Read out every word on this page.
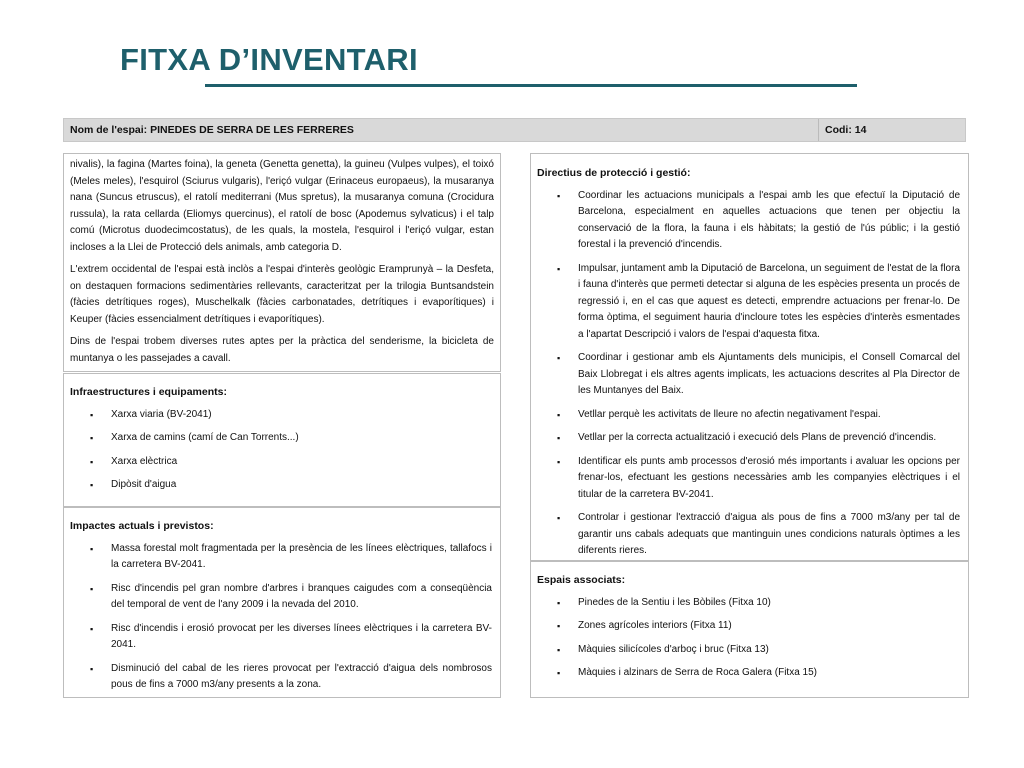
FITXA D’INVENTARI
Nom de l'espai: PINEDES DE SERRA DE LES FERRERES	Codi: 14

nivalis), la fagina (Martes foina), la geneta (Genetta genetta), la guineu (Vulpes vulpes), el toixó (Meles meles), l'esquirol (Sciurus vulgaris), l'eriçó vulgar (Erinaceus europaeus), la musaranya nana (Suncus etruscus), el ratolí mediterrani (Mus spretus), la musaranya comuna (Crocidura russula), la rata cellarda (Eliomys quercinus), el ratolí de bosc (Apodemus sylvaticus) i el talp comú (Microtus duodecimcostatus), de les quals, la mostela, l'esquirol i l'eriçó vulgar, estan incloses a la Llei de Protecció dels animals, amb categoria D.

L'extrem occidental de l'espai està inclòs a l'espai d'interès geològic Eramprunyà – la Desfeta, on destaquen formacions sedimentàries rellevants, caracteritzat per la trilogia Buntsandstein (fàcies detrítiques roges), Muschelkalk (fàcies carbonatades, detrítiques i evaporítiques) i Keuper (fàcies essencialment detrítiques i evaporítiques).

Dins de l'espai trobem diverses rutes aptes per la pràctica del senderisme, la bicicleta de muntanya o les passejades a cavall.

Infraestructures i equipaments:
▪ Xarxa viaria (BV-2041)
▪ Xarxa de camins (camí de Can Torrents...)
▪ Xarxa elèctrica
▪ Dipòsit d'aigua
Impactes actuals i previstos:
▪ Massa forestal molt fragmentada per la presència de les línees elèctriques, tallafocs i la carretera BV-2041.
▪ Risc d'incendis pel gran nombre d'arbres i branques caigudes com a conseqüència del temporal de vent de l'any 2009 i la nevada del 2010.
▪ Risc d'incendis i erosió provocat per les diverses línees elèctriques i la carretera BV-2041.
▪ Disminució del cabal de les rieres provocat per l'extracció d'aigua dels nombrosos pous de fins a 7000 m3/any presents a la zona.
Directius de protecció i gestió:
▪ Coordinar les actuacions municipals a l'espai amb les que efectuï la Diputació de Barcelona, especialment en aquelles actuacions que tenen per objectiu la conservació de la flora, la fauna i els hàbitats; la gestió de l'ús públic; i la gestió forestal i la prevenció d'incendis.
▪ Impulsar, juntament amb la Diputació de Barcelona, un seguiment de l'estat de la flora i fauna d'interès que permeti detectar si alguna de les espècies presenta un procés de regressió i, en el cas que aquest es detecti, emprendre actuacions per frenar-lo. De forma òptima, el seguiment hauria d'incloure totes les espècies d'interès esmentades a l'apartat Descripció i valors de l'espai d'aquesta fitxa.
▪ Coordinar i gestionar amb els Ajuntaments dels municipis, el Consell Comarcal del Baix Llobregat i els altres agents implicats, les actuacions descrites al Pla Director de les Muntanyes del Baix.
▪ Vetllar perquè les activitats de lleure no afectin negativament l'espai.
▪ Vetllar per la correcta actualització i execució dels Plans de prevenció d'incendis.
▪ Identificar els punts amb processos d'erosió més importants i avaluar les opcions per frenar-los, efectuant les gestions necessàries amb les companyies elèctriques i el titular de la carretera BV-2041.
▪ Controlar i gestionar l'extracció d'aigua als pous de fins a 7000 m3/any per tal de garantir uns cabals adequats que mantinguin unes condicions naturals òptimes a les diferents rieres.
Espais associats:
▪ Pinedes de la Sentiu i les Bòbiles (Fitxa 10)
▪ Zones agrícoles interiors (Fitxa 11)
▪ Màquies silicícoles d'arboç i bruc (Fitxa 13)
▪ Màquies i alzinars de Serra de Roca Galera (Fitxa 15)
